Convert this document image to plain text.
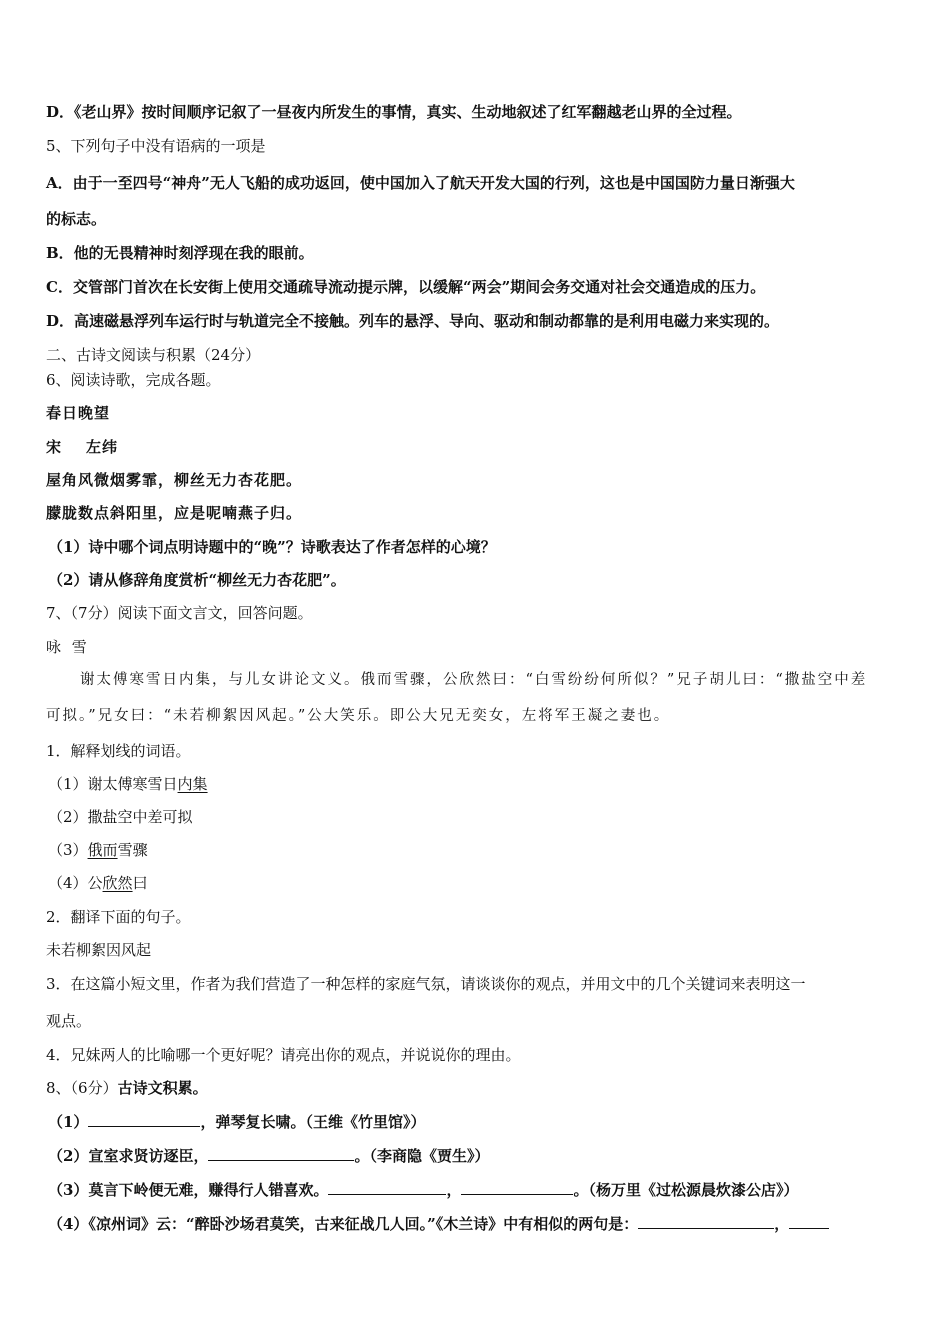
D．《老山界》按时间顺序记叙了一昼夜内所发生的事情，真实、生动地叙述了红军翻越老山界的全过程。
5、下列句子中没有语病的一项是
A．由于一至四号“神舟”无人飞船的成功返回，使中国加入了航天开发大国的行列，这也是中国国防力量日渐强大
的标志。
B．他的无畏精神时刻浮现在我的眼前。
C．交管部门首次在长安街上使用交通疏导流动提示牌，以缓解“两会”期间会务交通对社会交通造成的压力。
D．高速磁悬浮列车运行时与轨道完全不接触。列车的悬浮、导向、驱动和制动都靠的是利用电磁力来实现的。
二、古诗文阅读与积累（24分）
6、阅读诗歌，完成各题。
春日晚望
宋 左纬
屋角风微烟雾霏，柳丝无力杏花肥。
朦胧数点斜阳里，应是呢喃燕子归。
（1）诗中哪个词点明诗题中的“晚”？诗歌表达了作者怎样的心境？
（2）请从修辞角度赏析“柳丝无力杏花肥”。
7、（7分）阅读下面文言文，回答问题。
咏 雪
谢太傅寒雪日内集，与儿女讲论文义。俄而雪骤，公欣然曰：“白雪纷纷何所似？”兄子胡儿曰：“撒盐空中差
可拟。”兄女曰：“未若柳絮因风起。”公大笑乐。即公大兄无奕女，左将军王凝之妻也。
1．解释划线的词语。
（1）谢太傅寒雪日内集
（2）撒盐空中差可拟
（3）俄而雪骤
（4）公欣然曰
2．翻译下面的句子。
未若柳絮因风起
3．在这篇小短文里，作者为我们营造了一种怎样的家庭气氛，请谈谈你的观点，并用文中的几个关键词来表明这一
观点。
4．兄妹两人的比喻哪一个更好呢？请亮出你的观点，并说说你的理由。
8、（6分）古诗文积累。
（1）	，弹琴复长啸。（王维《竹里馆》）
（2）宣室求贤访逐臣，	。（李商隐《贾生》）
（3）莫言下岭便无难，赚得行人错喜欢。	，	。（杨万里《过松源晨炊漆公店》）
（4）《凉州词》云：“醉卧沙场君莫笑，古来征战几人回。”《木兰诗》中有相似的两句是：	，
